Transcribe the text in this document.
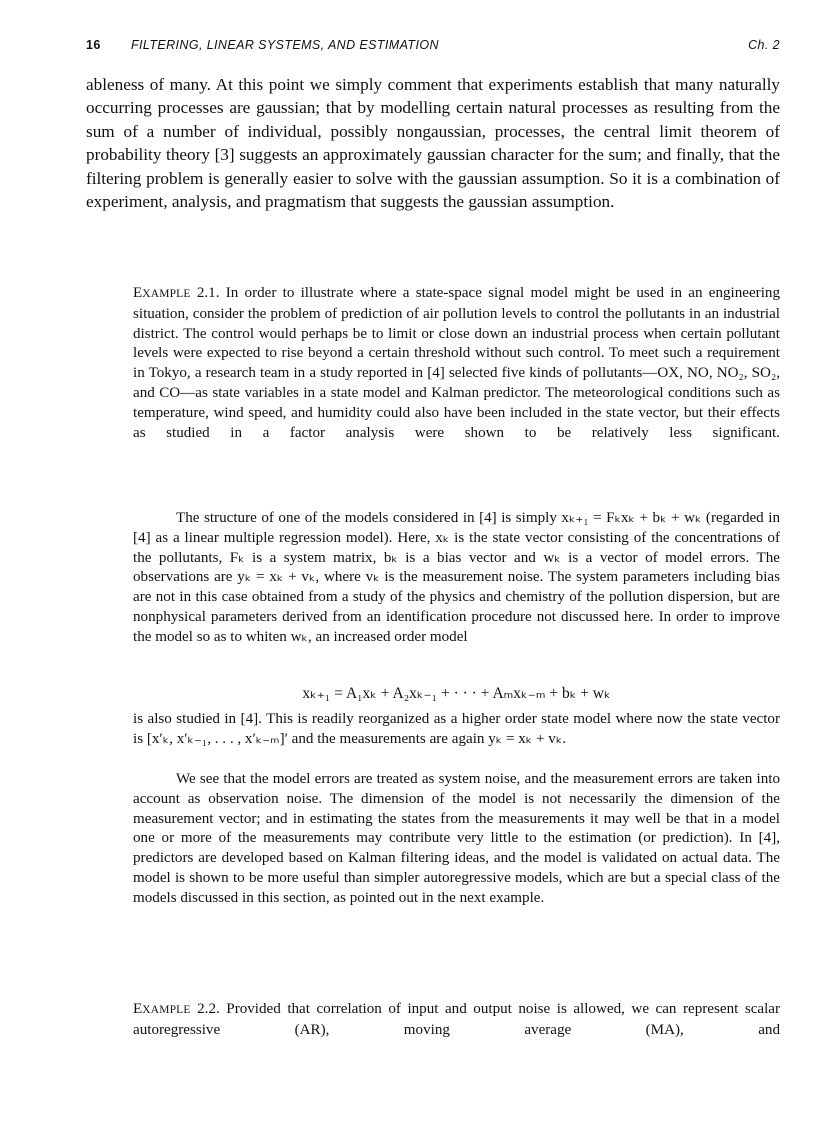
16 FILTERING, LINEAR SYSTEMS, AND ESTIMATION	Ch. 2

ableness of many. At this point we simply comment that experiments establish that many naturally occurring processes are gaussian; that by modelling certain natural processes as resulting from the sum of a number of individual, possibly nongaussian, processes, the central limit theorem of probability theory [3] suggests an approximately gaussian character for the sum; and finally, that the filtering problem is generally easier to solve with the gaussian assumption. So it is a combination of experiment, analysis, and pragmatism that suggests the gaussian assumption.

EXAMPLE 2.1. In order to illustrate where a state-space signal model might be used in an engineering situation, consider the problem of prediction of air pollution levels to control the pollutants in an industrial district. The control would perhaps be to limit or close down an industrial process when certain pollutant levels were expected to rise beyond a certain threshold without such control. To meet such a requirement in Tokyo, a research team in a study reported in [4] selected five kinds of pollutants—OX, NO, NO₂, SO₂, and CO—as state variables in a state model and Kalman predictor. The meteorological conditions such as temperature, wind speed, and humidity could also have been included in the state vector, but their effects as studied in a factor analysis were shown to be relatively less significant.

The structure of one of the models considered in [4] is simply xₖ₊₁ = Fₖxₖ + bₖ + wₖ (regarded in [4] as a linear multiple regression model). Here, xₖ is the state vector consisting of the concentrations of the pollutants, Fₖ is a system matrix, bₖ is a bias vector and wₖ is a vector of model errors. The observations are yₖ = xₖ + vₖ, where vₖ is the measurement noise. The system parameters including bias are not in this case obtained from a study of the physics and chemistry of the pollution dispersion, but are nonphysical parameters derived from an identification procedure not discussed here. In order to improve the model so as to whiten wₖ, an increased order model

xₖ₊₁ = A₁xₖ + A₂xₖ₋₁ + · · · + Aₘxₖ₋ₘ + bₖ + wₖ

is also studied in [4]. This is readily reorganized as a higher order state model where now the state vector is [x′ₖ, x′ₖ₋₁, . . . , x′ₖ₋ₘ]′ and the measurements are again yₖ = xₖ + vₖ.

We see that the model errors are treated as system noise, and the measurement errors are taken into account as observation noise. The dimension of the model is not necessarily the dimension of the measurement vector; and in estimating the states from the measurements it may well be that in a model one or more of the measurements may contribute very little to the estimation (or prediction). In [4], predictors are developed based on Kalman filtering ideas, and the model is validated on actual data. The model is shown to be more useful than simpler autoregressive models, which are but a special class of the models discussed in this section, as pointed out in the next example.

EXAMPLE 2.2. Provided that correlation of input and output noise is allowed, we can represent scalar autoregressive (AR), moving average (MA), and
